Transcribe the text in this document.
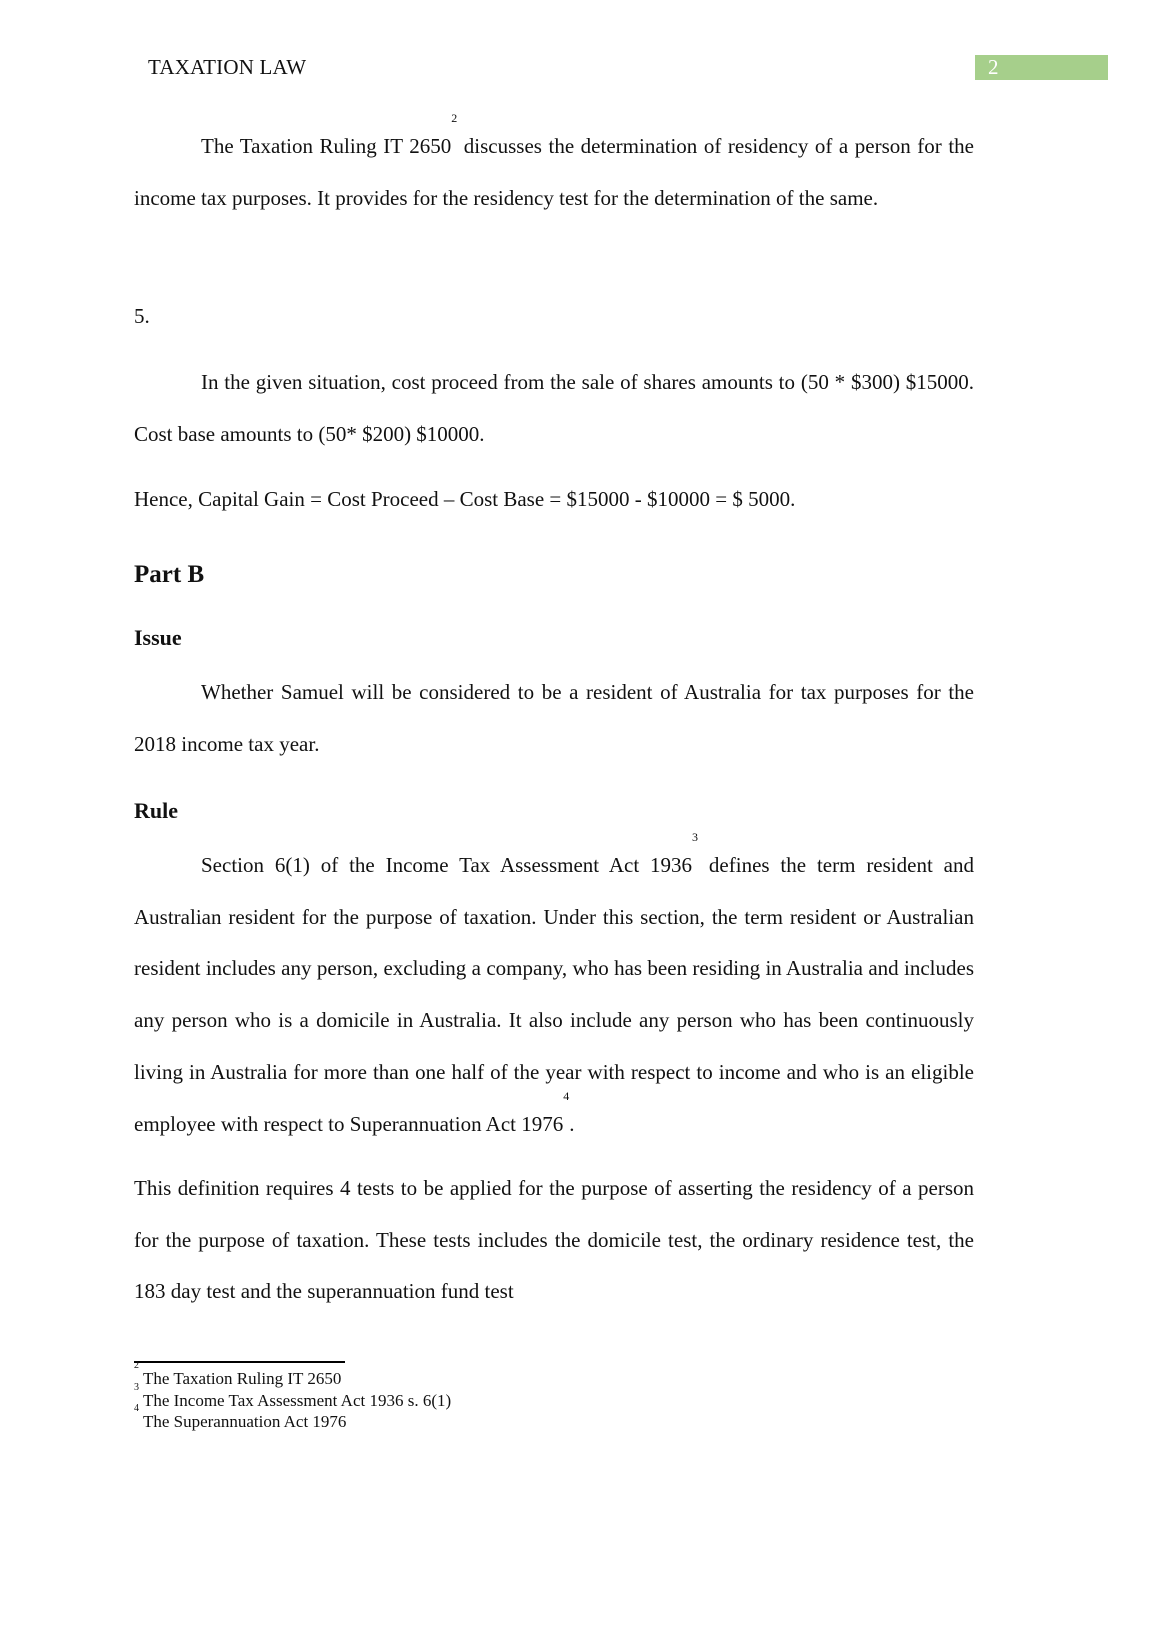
TAXATION LAW	2

The Taxation Ruling IT 2650$^2$ discusses the determination of residency of a person for the income tax purposes. It provides for the residency test for the determination of the same.

5.

In the given situation, cost proceed from the sale of shares amounts to (50 * $300) $15000. Cost base amounts to (50* $200) $10000.

Hence, Capital Gain = Cost Proceed – Cost Base = $15000 - $10000 = $ 5000.

Part B
Issue

Whether Samuel will be considered to be a resident of Australia for tax purposes for the 2018 income tax year.

Rule

Section 6(1) of the Income Tax Assessment Act 1936$^3$ defines the term resident and Australian resident for the purpose of taxation. Under this section, the term resident or Australian resident includes any person, excluding a company, who has been residing in Australia and includes any person who is a domicile in Australia. It also include any person who has been continuously living in Australia for more than one half of the year with respect to income and who is an eligible employee with respect to Superannuation Act 1976$^4$.

This definition requires 4 tests to be applied for the purpose of asserting the residency of a person for the purpose of taxation. These tests includes the domicile test, the ordinary residence test, the 183 day test and the superannuation fund test

$^2$ The Taxation Ruling IT 2650
$^3$ The Income Tax Assessment Act 1936 s. 6(1)
$^4$ The Superannuation Act 1976
